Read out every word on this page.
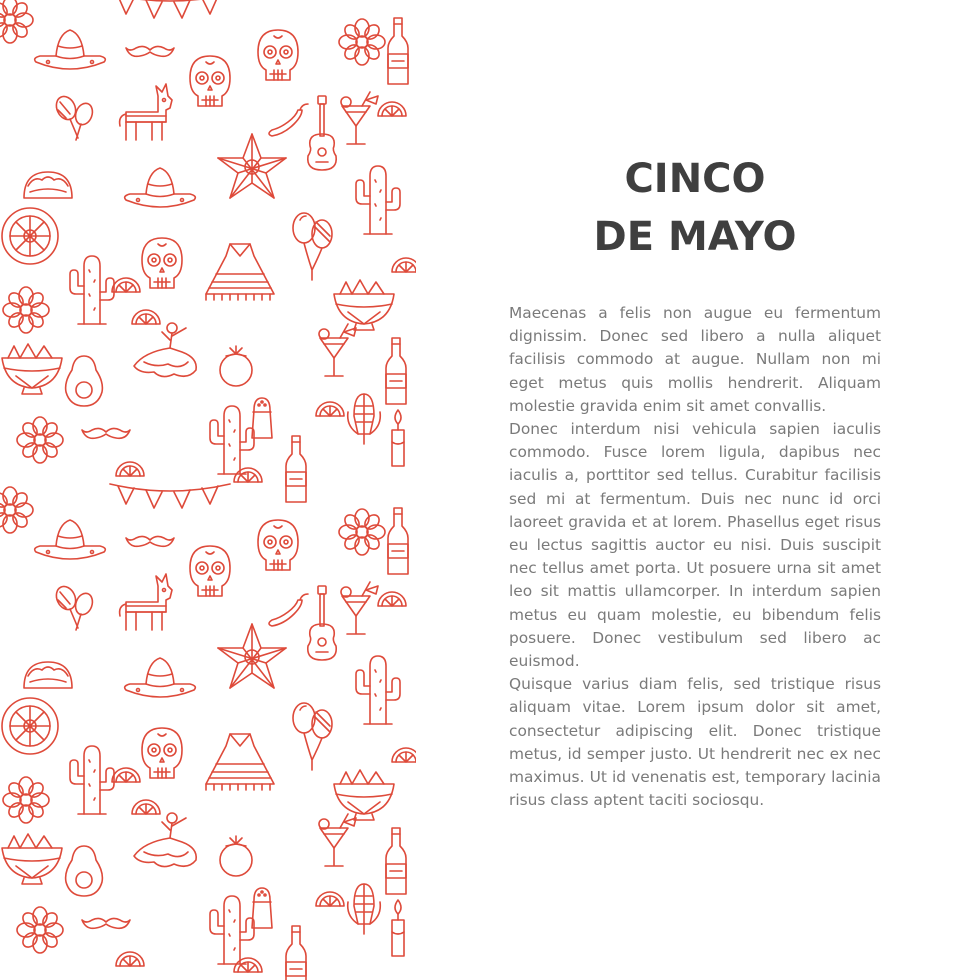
CINCO
DE MAYO

Maecenas a felis non augue eu fermentum dignissim. Donec sed libero a nulla aliquet facilisis commodo at augue. Nullam non mi eget metus quis mollis hendrerit. Aliquam molestie gravida enim sit amet convallis.

Donec interdum nisi vehicula sapien iaculis commodo. Fusce lorem ligula, dapibus nec iaculis a, porttitor sed tellus. Curabitur facilisis sed mi at fermentum. Duis nec nunc id orci laoreet gravida et at lorem. Phasellus eget risus eu lectus sagittis auctor eu nisi. Duis suscipit nec tellus amet porta. Ut posuere urna sit amet leo sit mattis ullamcorper. In interdum sapien metus eu quam molestie, eu bibendum felis posuere. Donec vestibulum sed libero ac euismod.

Quisque varius diam felis, sed tristique risus aliquam vitae. Lorem ipsum dolor sit amet, consectetur adipiscing elit. Donec tristique metus, id semper justo. Ut hendrerit nec ex nec maximus. Ut id venenatis est, temporary lacinia risus class aptent taciti sociosqu.
